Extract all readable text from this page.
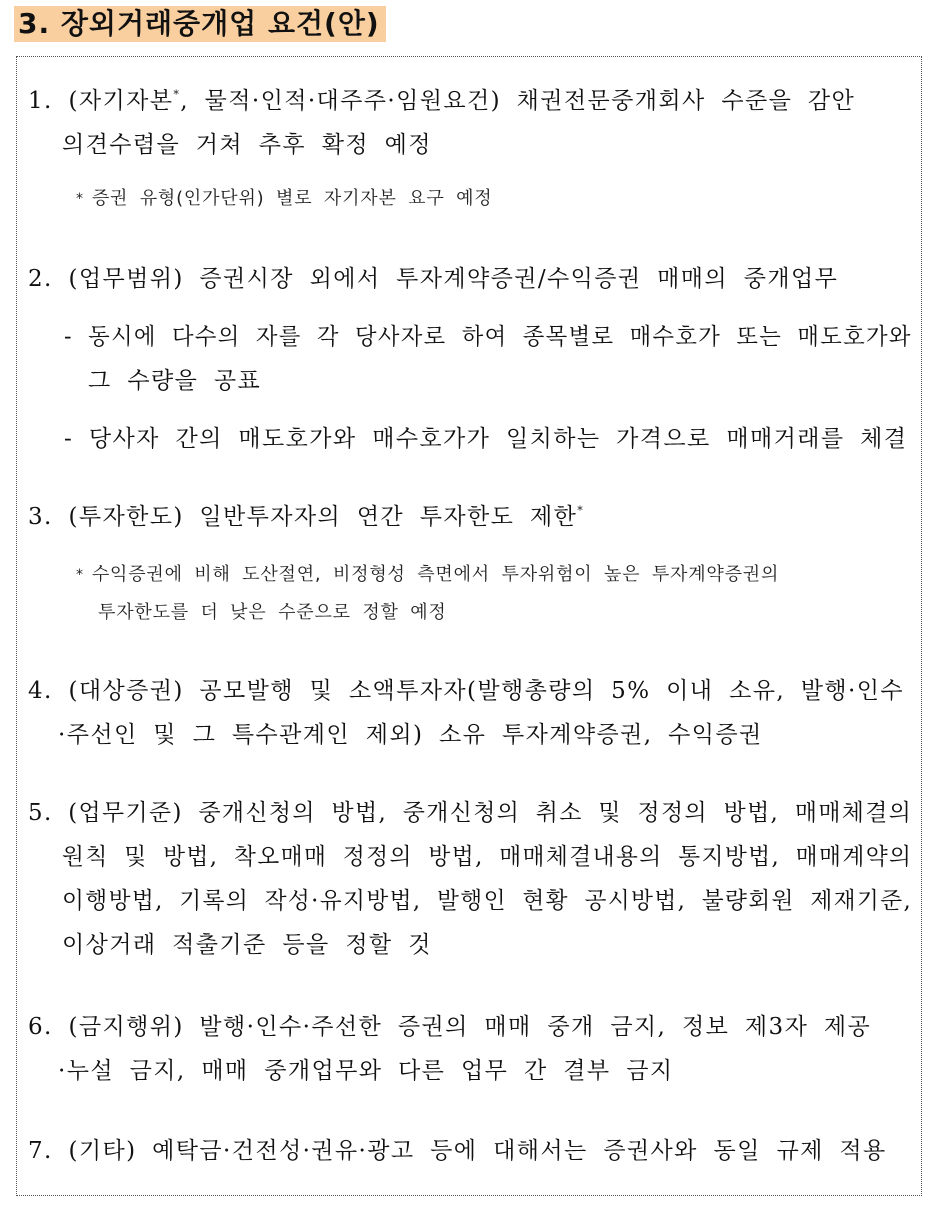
3. 장외거래중개업 요건(안)
1. (자기자본*, 물적·인적·대주주·임원요건) 채권전문중개회사 수준을 감안
의견수렴을 거쳐 추후 확정 예정
* 증권 유형(인가단위) 별로 자기자본 요구 예정
2. (업무범위) 증권시장 외에서 투자계약증권/수익증권 매매의 중개업무
- 동시에 다수의 자를 각 당사자로 하여 종목별로 매수호가 또는 매도호가와
그 수량을 공표
- 당사자 간의 매도호가와 매수호가가 일치하는 가격으로 매매거래를 체결
3. (투자한도) 일반투자자의 연간 투자한도 제한*
* 수익증권에 비해 도산절연, 비정형성 측면에서 투자위험이 높은 투자계약증권의
투자한도를 더 낮은 수준으로 정할 예정
4. (대상증권) 공모발행 및 소액투자자(발행총량의 5% 이내 소유, 발행·인수
·주선인 및 그 특수관계인 제외) 소유 투자계약증권, 수익증권
5. (업무기준) 중개신청의 방법, 중개신청의 취소 및 정정의 방법, 매매체결의
원칙 및 방법, 착오매매 정정의 방법, 매매체결내용의 통지방법, 매매계약의
이행방법, 기록의 작성·유지방법, 발행인 현황 공시방법, 불량회원 제재기준,
이상거래 적출기준 등을 정할 것
6. (금지행위) 발행·인수·주선한 증권의 매매 중개 금지, 정보 제3자 제공
·누설 금지, 매매 중개업무와 다른 업무 간 결부 금지
7. (기타) 예탁금·건전성·권유·광고 등에 대해서는 증권사와 동일 규제 적용
